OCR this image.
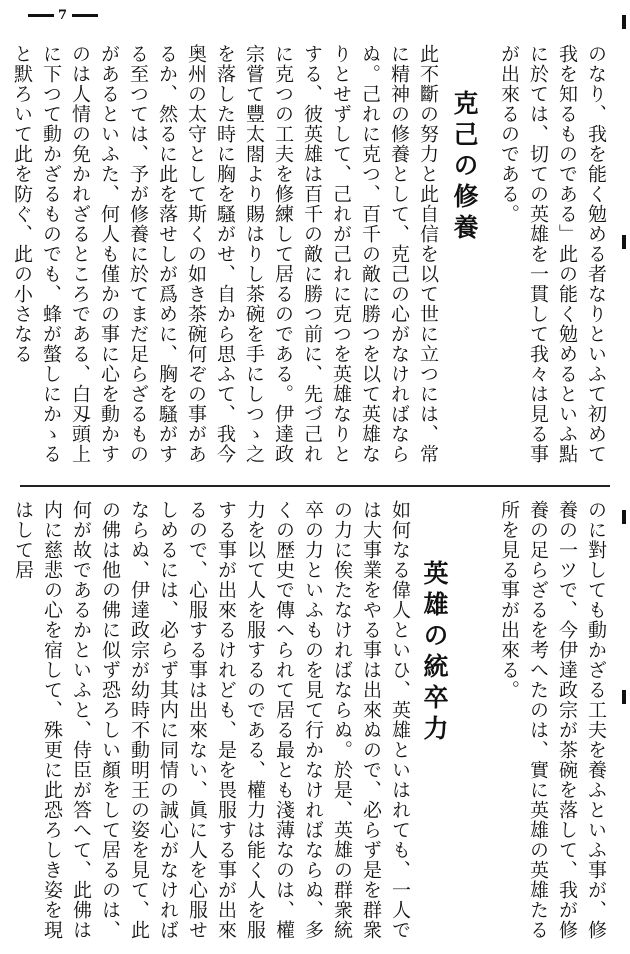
7
のなり、我を能く勉める者なりといふて初めて我を知るものである」此の能く勉めるといふ點に於ては、切ての英雄を一貫して我々は見る事が出來るのである。
克己の修養
此不斷の努力と此自信を以て世に立つには、常に精神の修養として、克己の心がなければならぬ。己れに克つ、百千の敵に勝つを以て英雄なりとせずして、己れが己れに克つを英雄なりとする、彼英雄は百千の敵に勝つ前に、先づ己れに克つの工夫を修練して居るのである。伊達政宗嘗て豐太閤より賜はりし茶碗を手にしつゝ之を落した時に胸を騷がせ、自から思ふて、我今奥州の太守として斯くの如き茶碗何ぞの事があるか、然るに此を落せしが爲めに、胸を騷がする至つては、予が修養に於てまだ足らざるものがあるといふた、何人も僅かの事に心を動かすのは人情の免かれざるところである、白刄頭上に下つて動かざるものでも、蜂が螫しにかゝると默ろいて此を防ぐ、此の小さなる
のに對しても動かざる工夫を養ふといふ事が、修養の一ツで、今伊達政宗が茶碗を落して、我が修養の足らざるを考へたのは、實に英雄の英雄たる所を見る事が出來る。
英雄の統卒力
如何なる偉人といひ、英雄といはれても、一人では大事業をやる事は出來ぬので、必らず是を群衆の力に俟たなければならぬ。於是、英雄の群衆統卒の力といふものを見て行かなければならぬ、多くの歴史で傳へられて居る最とも淺薄なのは、權力を以て人を服するのである、權力は能く人を服する事が出來るけれども、是を畏服する事が出來るので、心服する事は出來ない、眞に人を心服せしめるには、必らず其内に同情の誠心がなければならぬ、伊達政宗が幼時不動明王の姿を見て、此の佛は他の佛に似ず恐ろしい顏をして居るのは、何が故であるかといふと、侍臣が答へて、此佛は内に慈悲の心を宿して、殊更に此恐ろしき姿を現はして居
